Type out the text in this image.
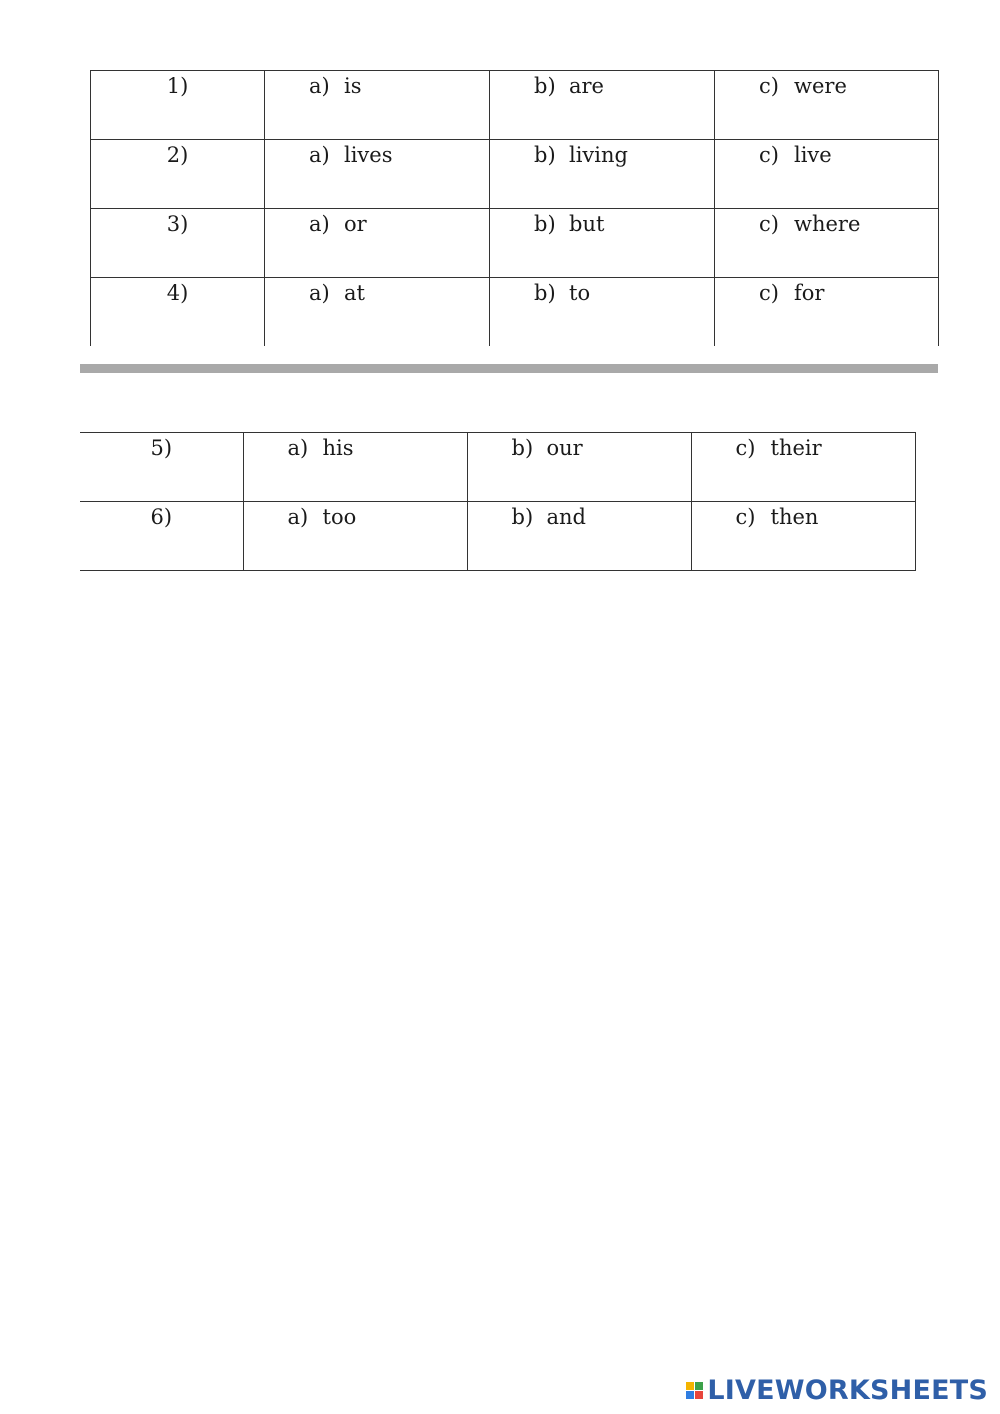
1)	a) is	b) are	c) were

2)	a) lives	b) living	c) live

3)	a) or	b) but	c) where

4)	a) at	b) to	c) for
5)	a) his	b) our	c) their

6)	a) too	b) and	c) then
LIVEWORKSHEETS
